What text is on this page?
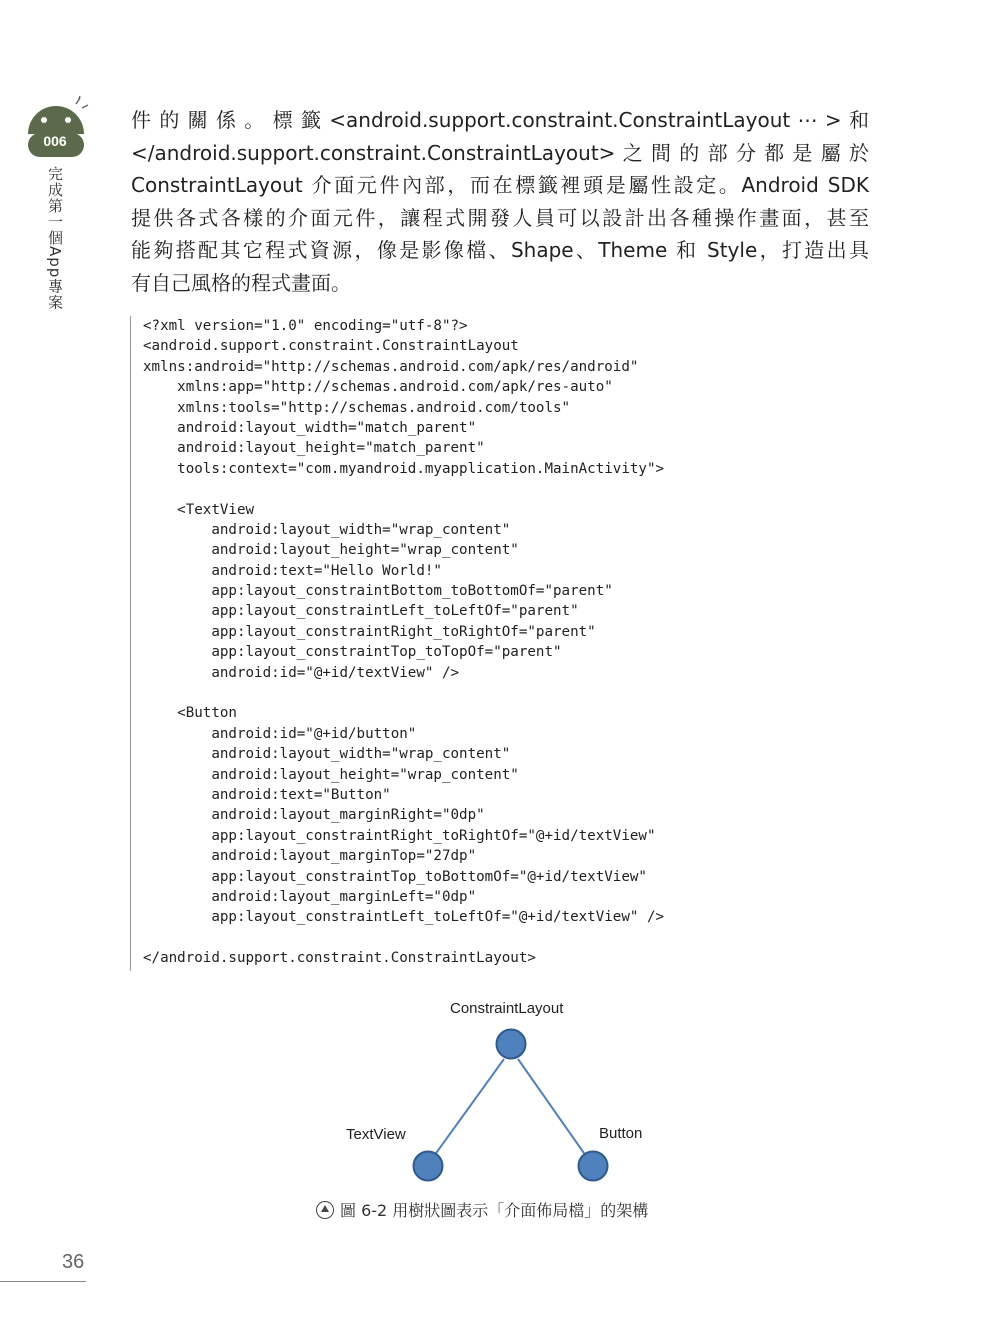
006
完成第一個App專案
件 的 關 係 。 標 籤 <android.support.constraint.ConstraintLayout ⋯ > 和
</android.support.constraint.ConstraintLayout> 之 間 的 部 分 都 是 屬 於
ConstraintLayout 介面元件內部，而在標籤裡頭是屬性設定。Android SDK
提供各式各樣的介面元件，讓程式開發人員可以設計出各種操作畫面，甚至
能夠搭配其它程式資源，像是影像檔、Shape、Theme 和 Style，打造出具
有自己風格的程式畫面。
<?xml version="1.0" encoding="utf-8"?>
<android.support.constraint.ConstraintLayout
xmlns:android="http://schemas.android.com/apk/res/android"
xmlns:app="http://schemas.android.com/apk/res-auto"
xmlns:tools="http://schemas.android.com/tools"
android:layout_width="match_parent"
android:layout_height="match_parent"
tools:context="com.myandroid.myapplication.MainActivity">
<TextView
android:layout_width="wrap_content"
android:layout_height="wrap_content"
android:text="Hello World!"
app:layout_constraintBottom_toBottomOf="parent"
app:layout_constraintLeft_toLeftOf="parent"
app:layout_constraintRight_toRightOf="parent"
app:layout_constraintTop_toTopOf="parent"
android:id="@+id/textView" />
<Button
android:id="@+id/button"
android:layout_width="wrap_content"
android:layout_height="wrap_content"
android:text="Button"
android:layout_marginRight="0dp"
app:layout_constraintRight_toRightOf="@+id/textView"
android:layout_marginTop="27dp"
app:layout_constraintTop_toBottomOf="@+id/textView"
android:layout_marginLeft="0dp"
app:layout_constraintLeft_toLeftOf="@+id/textView" />
</android.support.constraint.ConstraintLayout>
ConstraintLayout
TextView	Button
圖 6-2 用樹狀圖表示「介面佈局檔」的架構
36
